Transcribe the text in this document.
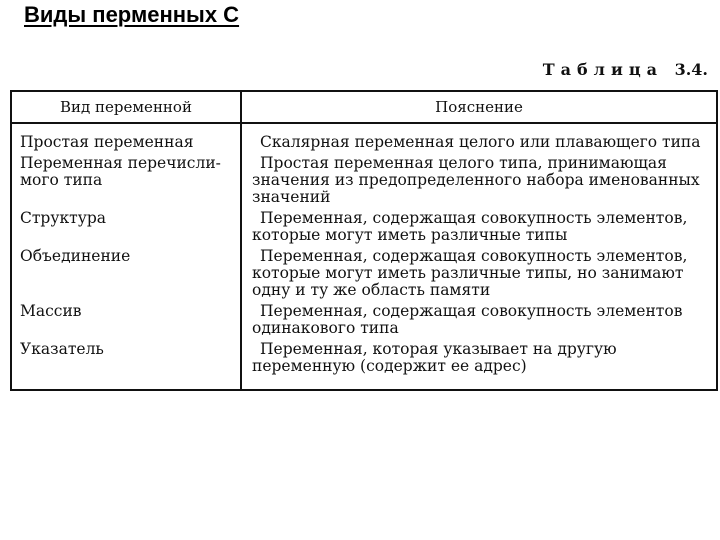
Виды перменных С
Таблица 3.4.
Вид переменной	Пояснение
Простая переменная	Скалярная переменная целого или плавающего типа
Переменная перечисли-мого типа	Простая переменная целого типа, принимающая значения из предопределенного набора именованных значений
Структура	Переменная, содержащая совокупность элементов, которые могут иметь различные типы
Объединение	Переменная, содержащая совокупность элементов, которые могут иметь различные типы, но занимают одну и ту же область памяти
Массив	Переменная, содержащая совокупность элементов одинакового типа
Указатель	Переменная, которая указывает на другую переменную (содержит ее адрес)
